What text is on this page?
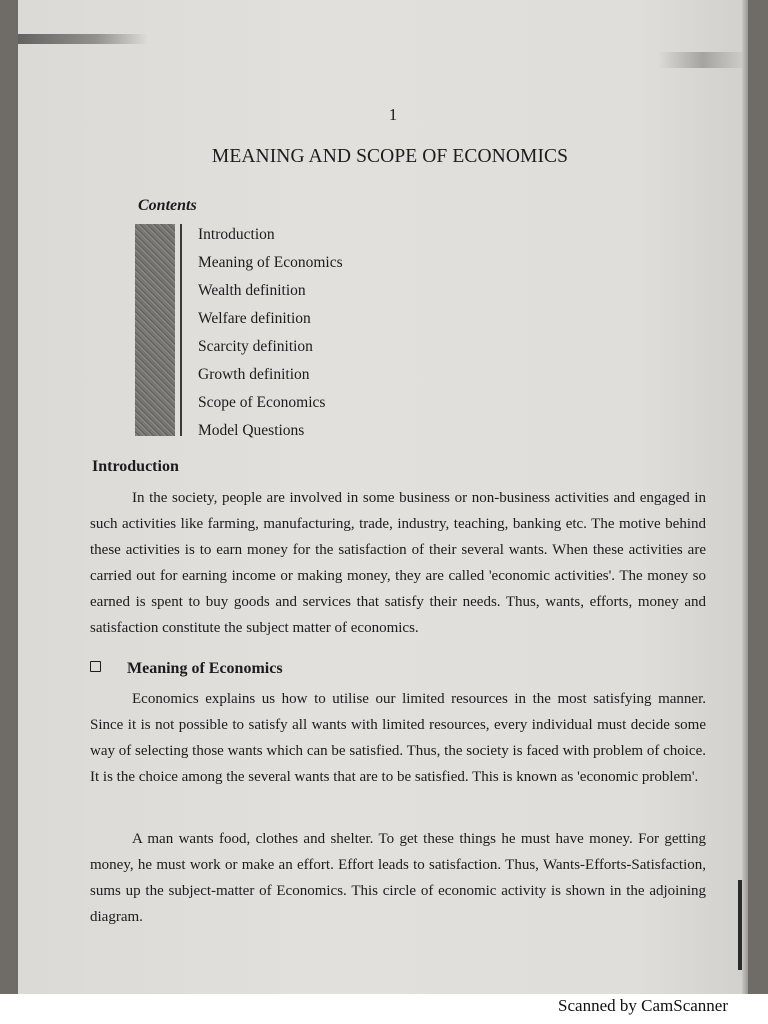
1
MEANING AND SCOPE OF ECONOMICS
Contents
Introduction
Meaning of Economics
Wealth definition
Welfare definition
Scarcity definition
Growth definition
Scope of Economics
Model Questions
Introduction

In the society, people are involved in some business or non-business activities and engaged in such activities like farming, manufacturing, trade, industry, teaching, banking etc. The motive behind these activities is to earn money for the satisfaction of their several wants. When these activities are carried out for earning income or making money, they are called 'economic activities'. The money so earned is spent to buy goods and services that satisfy their needs. Thus, wants, efforts, money and satisfaction constitute the subject matter of economics.

Meaning of Economics

Economics explains us how to utilise our limited resources in the most satisfying manner. Since it is not possible to satisfy all wants with limited resources, every individual must decide some way of selecting those wants which can be satisfied. Thus, the society is faced with problem of choice. It is the choice among the several wants that are to be satisfied. This is known as 'economic problem'.

A man wants food, clothes and shelter. To get these things he must have money. For getting money, he must work or make an effort. Effort leads to satisfaction. Thus, Wants-Efforts-Satisfaction, sums up the subject-matter of Economics. This circle of economic activity is shown in the adjoining diagram.

Scanned by CamScanner
